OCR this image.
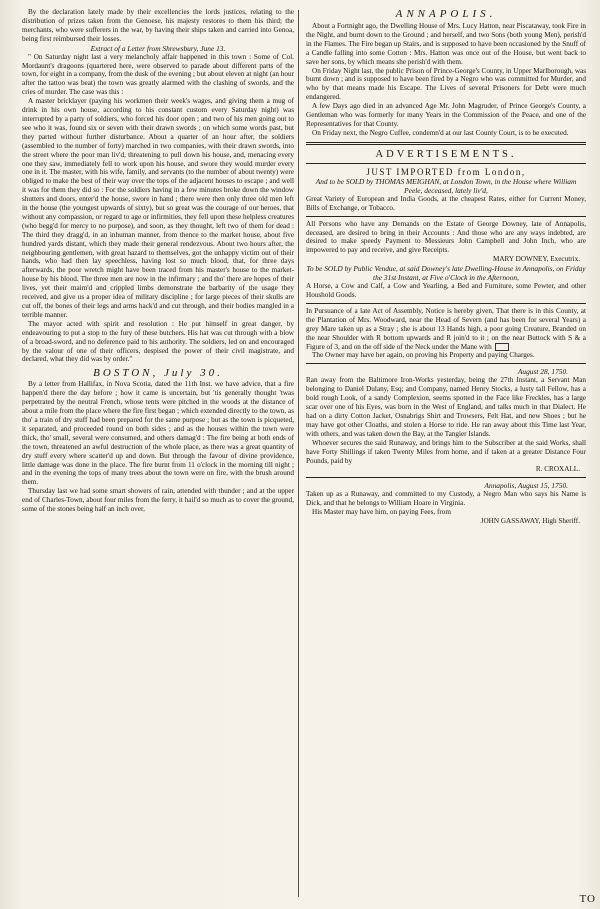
By the declaration lately made by their excellencies the lords justices, relating to the distribution of prizes taken from the Genoese, his majesty restores to them his third; the merchants, who were sufferers in the war, by having their ships taken and carried into Genoa, being first reimbursed their losses.

Extract of a Letter from Shrewsbury, June 13.

" On Saturday night last a very melancholy affair happened in this town : Some of Col. Mordaunt's dragoons (quartered here, were observed to parade about different parts of the town, for eight in a company, from the dusk of the evening ; but about eleven at night (an hour after the tattoo was beat) the town was greatly alarmed with the clashing of swords, and the cries of murder. The case was this :

A master bricklayer (paying his workmen their week's wages, and giving them a mug of drink in his own house, according to his constant custom every Saturday night) was interrupted by a party of soldiers, who forced his door open ; and two of his men going out to see who it was, found six or seven with their drawn swords ; on which some words past, but they parted without further disturbance. About a quarter of an hour after, the soldiers (assembled to the number of forty) marched in two companies, with their drawn swords, into the street where the poor man liv'd, threatening to pull down his house, and, menacing every one they saw, immediately fell to work upon his house, and swore they would murder every one in it. The master, with his wife, family, and servants (to the number of about twenty) were obliged to make the best of their way over the tops of the adjacent houses to escape ; and well it was for them they did so : For the soldiers having in a few minutes broke down the window shutters and doors, enter'd the house, swore in hand ; there were then only three old men left in the house (the youngest upwards of sixty), but so great was the courage of our heroes, that without any compassion, or regard to age or infirmities, they fell upon these helpless creatures (who begg'd for mercy to no purpose), and soon, as they thought, left two of them for dead : The third they dragg'd, in an inhuman manner, from thence to the market house, about five hundred yards distant, which they made their general rendezvous. About two hours after, the neighbouring gentlemen, with great hazard to themselves, got the unhappy victim out of their hands, who had then lay speechless, having lost so much blood, that, for three days afterwards, the poor wretch might have been traced from his master's house to the market-house by his blood. The three men are now in the infirmary ; and tho' there are hopes of their lives, yet their maim'd and crippled limbs demonstrate the barbarity of the usage they received, and give us a proper idea of military discipline ; for large pieces of their skulls are cut off, the bones of their legs and arms hack'd and cut through, and their bodies mangled in a terrible manner.

The mayor acted with spirit and resolution : He put himself in great danger, by endeavouring to put a stop to the fury of these butchers. His hat was cut through with a blow of a broad-sword, and no deference paid to his authority. The soldiers, led on and encouraged by the valour of one of their officers, despised the power of their civil magistrate, and declared, what they did was by order."

BOSTON, July 30.

By a letter from Hallifax, in Nova Scotia, dated the 11th Inst. we have advice, that a fire happen'd there the day before ; how it came is uncertain, but 'tis generally thought 'twas perpetrated by the neutral French, whose tents were pitched in the woods at the distance of about a mile from the place where the fire first began ; which extended directly to the town, as tho' a train of dry stuff had been prepared for the same purpose ; but as the town is picqueted, it separated, and proceeded round on both sides ; and as the houses within the town were thick, tho' small, several were consumed, and others damag'd : The fire being at both ends of the town, threatened an awful destruction of the whole place, as there was a great quantity of dry stuff every where scatter'd up and down. But through the favour of divine providence, little damage was done in the place. The fire burnt from 11 o'clock in the morning till night ; and in the evening the tops of many trees about the town were on fire, with the brush around them.

Thursday last we had some smart showers of rain, attended with thunder ; and at the upper end of Charles-Town, about four miles from the ferry, it hail'd so much as to cover the ground, some of the stones being half an inch over,

ANNAPOLIS.

About a Fortnight ago, the Dwelling House of Mrs. Lucy Hatton, near Piscataway, took Fire in the Night, and burnt down to the Ground ; and herself, and two Sons (both young Men), perish'd in the Flames. The Fire began up Stairs, and is supposed to have been occasioned by the Snuff of a Candle falling into some Cotton : Mrs. Hatton was once out of the House, but went back to save her sons, by which means she perish'd with them.

On Friday Night last, the public Prison of Prince-George's County, in Upper Marlborough, was burnt down ; and is supposed to have been fired by a Negro who was committed for Murder, and who by that means made his Escape. The Lives of several Prisoners for Debt were much endangered.

A few Days ago died in an advanced Age Mr. John Magruder, of Prince George's County, a Gentleman who was formerly for many Years in the Commission of the Peace, and one of the Representatives for that County.

On Friday next, the Negro Cuffee, condemn'd at our last County Court, is to be executed.

ADVERTISEMENTS.

JUST IMPORTED from London,

And to be SOLD by THOMAS MEIGHAN, at London Town, in the House where William Peele, deceased, lately liv'd,

Great Variety of European and India Goods, at the cheapest Rates, either for Current Money, Bills of Exchange, or Tobacco.

All Persons who have any Demands on the Estate of George Downey, late of Annapolis, deceased, are desired to bring in their Accounts : And those who are any ways indebted, are desired to make speedy Payment to Messieurs John Campbell and John Inch, who are impowered to pay and receive, and give Receipts.

MARY DOWNEY, Executrix.

To be SOLD by Public Vendue, at said Downey's late Dwelling-House in Annapolis, on Friday the 31st Instant, at Five o'Clock in the Afternoon,

A Horse, a Cow and Calf, a Cow and Yearling, a Bed and Furniture, some Pewter, and other Houshold Goods.

In Pursuance of a late Act of Assembly, Notice is hereby given, That there is in this County, at the Plantation of Mrs. Woodward, near the Head of Severn (and has been for several Years) a grey Mare taken up as a Stray ; she is about 13 Hands high, a poor going Creature, Branded on the near Shoulder with R bottom upwards and R join'd to it ; on the near Buttock with S & a Figure of 3, and on the off side of the Neck under the Mane with

The Owner may have her again, on proving his Property and paying Charges.

August 28, 1750.

Ran away from the Baltimore Iron-Works yesterday, being the 27th Instant, a Servant Man belonging to Daniel Dulany, Esq; and Company, named Henry Stocks, a lusty tall Fellow, has a bold rough Look, of a sandy Complexion, seems spotted in the Face like Freckles, has a large scar over one of his Eyes, was born in the West of England, and talks much in that Dialect. He had on a dirty Cotton Jacket, Osnabrigs Shirt and Trowsers, Felt Hat, and new Shoes ; but he may have got other Cloaths, and stolen a Horse to ride. He ran away about this Time last Year, with others, and was taken down the Bay, at the Tangier Islands.

Whoever secures the said Runaway, and brings him to the Subscriber at the said Works, shall have Forty Shillings if taken Twenty Miles from home, and if taken at a greater Distance Four Pounds, paid by

R. CROXALL.

Annapolis, August 15, 1750.

Taken up as a Runaway, and committed to my Custody, a Negro Man who says his Name is Dick, and that he belongs to William Hoare in Virginia.

His Master may have him, on paying Fees, from

JOHN GASSAWAY, High Sheriff.

TO
